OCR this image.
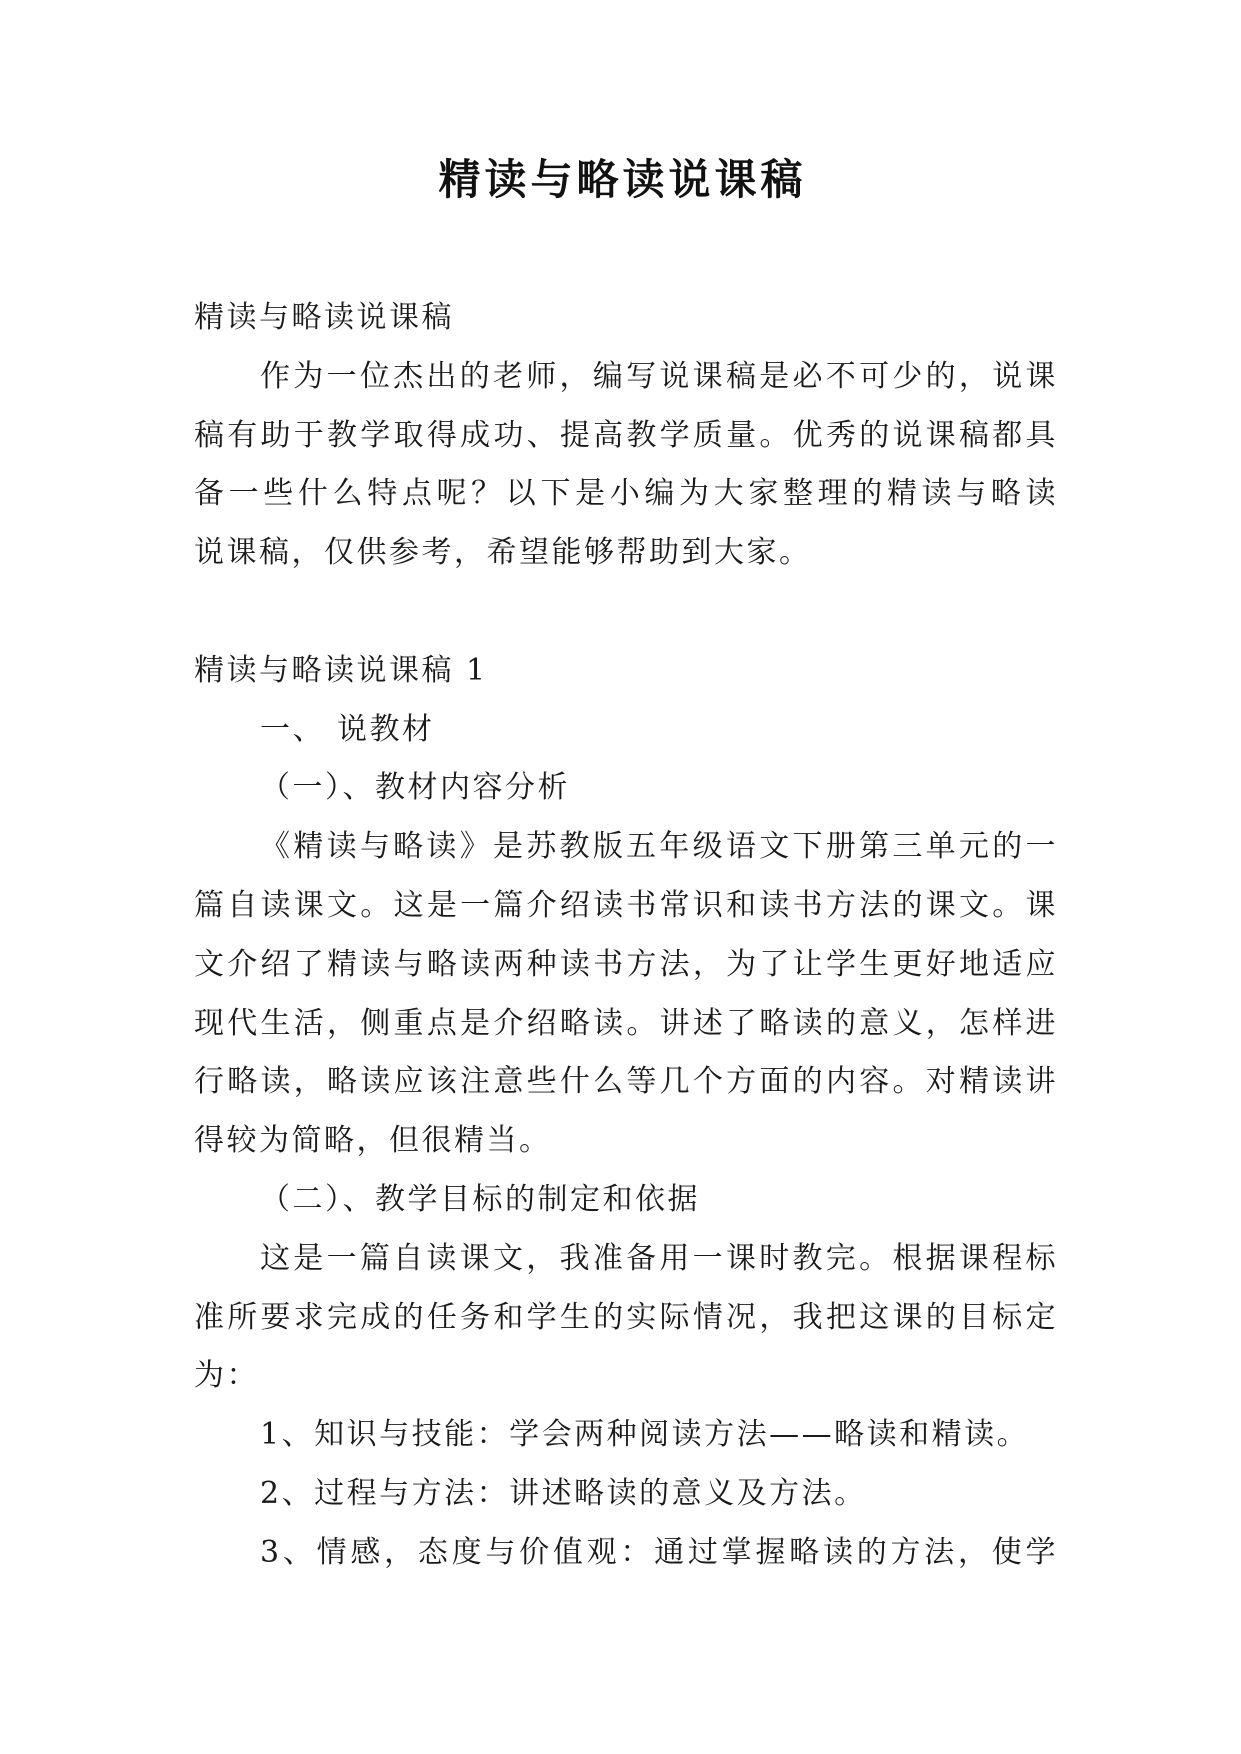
精读与略读说课稿
精读与略读说课稿
作为一位杰出的老师，编写说课稿是必不可少的，说课
稿有助于教学取得成功、提高教学质量。优秀的说课稿都具
备一些什么特点呢？以下是小编为大家整理的精读与略读
说课稿，仅供参考，希望能够帮助到大家。
精读与略读说课稿 1
一、 说教材
（一）、教材内容分析
《精读与略读》是苏教版五年级语文下册第三单元的一
篇自读课文。这是一篇介绍读书常识和读书方法的课文。课
文介绍了精读与略读两种读书方法，为了让学生更好地适应
现代生活，侧重点是介绍略读。讲述了略读的意义，怎样进
行略读，略读应该注意些什么等几个方面的内容。对精读讲
得较为简略，但很精当。
（二）、教学目标的制定和依据
这是一篇自读课文，我准备用一课时教完。根据课程标
准所要求完成的任务和学生的实际情况，我把这课的目标定
为：
1、知识与技能：学会两种阅读方法——略读和精读。
2、过程与方法：讲述略读的意义及方法。
3、情感，态度与价值观：通过掌握略读的方法，使学
